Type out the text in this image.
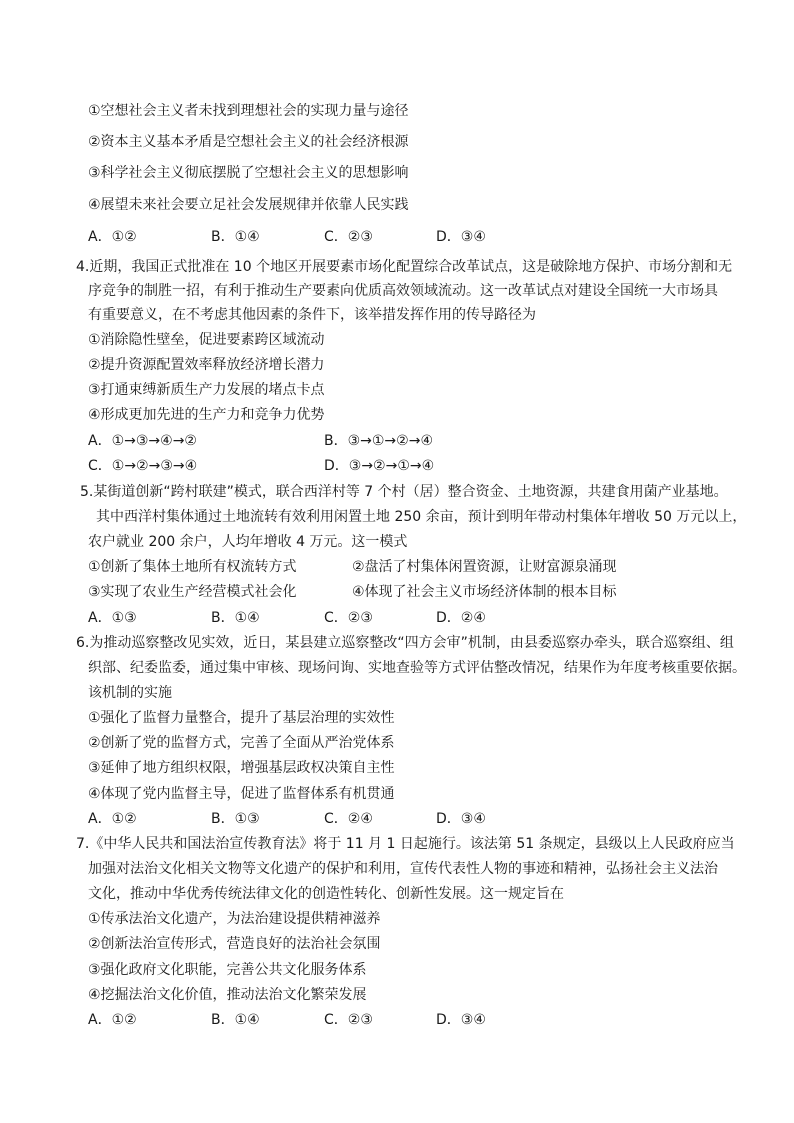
①空想社会主义者未找到理想社会的实现力量与途径
②资本主义基本矛盾是空想社会主义的社会经济根源
③科学社会主义彻底摆脱了空想社会主义的思想影响
④展望未来社会要立足社会发展规律并依靠人民实践
A．①②	B．①④	C．②③	D．③④
4.近期，我国正式批准在 10 个地区开展要素市场化配置综合改革试点，这是破除地方保护、市场分割和无
序竞争的制胜一招，有利于推动生产要素向优质高效领域流动。这一改革试点对建设全国统一大市场具
有重要意义，在不考虑其他因素的条件下，该举措发挥作用的传导路径为
①消除隐性壁垒，促进要素跨区域流动
②提升资源配置效率释放经济增长潜力
③打通束缚新质生产力发展的堵点卡点
④形成更加先进的生产力和竞争力优势
A．①→③→④→②	B．③→①→②→④
C．①→②→③→④	D．③→②→①→④
5.某街道创新“跨村联建”模式，联合西洋村等 7 个村（居）整合资金、土地资源，共建食用菌产业基地。
其中西洋村集体通过土地流转有效利用闲置土地 250 余亩，预计到明年带动村集体年增收 50 万元以上，
农户就业 200 余户，人均年增收 4 万元。这一模式
①创新了集体土地所有权流转方式	②盘活了村集体闲置资源，让财富源泉涌现
③实现了农业生产经营模式社会化	④体现了社会主义市场经济体制的根本目标
A．①③	B．①④	C．②③	D．②④
6.为推动巡察整改见实效，近日，某县建立巡察整改“四方会审”机制，由县委巡察办牵头，联合巡察组、组
织部、纪委监委，通过集中审核、现场问询、实地查验等方式评估整改情况，结果作为年度考核重要依据。
该机制的实施
①强化了监督力量整合，提升了基层治理的实效性
②创新了党的监督方式，完善了全面从严治党体系
③延伸了地方组织权限，增强基层政权决策自主性
④体现了党内监督主导，促进了监督体系有机贯通
A．①②	B．①③	C．②④	D．③④
7.《中华人民共和国法治宣传教育法》将于 11 月 1 日起施行。该法第 51 条规定，县级以上人民政府应当
加强对法治文化相关文物等文化遗产的保护和利用，宣传代表性人物的事迹和精神，弘扬社会主义法治
文化，推动中华优秀传统法律文化的创造性转化、创新性发展。这一规定旨在
①传承法治文化遗产，为法治建设提供精神滋养
②创新法治宣传形式，营造良好的法治社会氛围
③强化政府文化职能，完善公共文化服务体系
④挖掘法治文化价值，推动法治文化繁荣发展
A．①②	B．①④	C．②③	D．③④
